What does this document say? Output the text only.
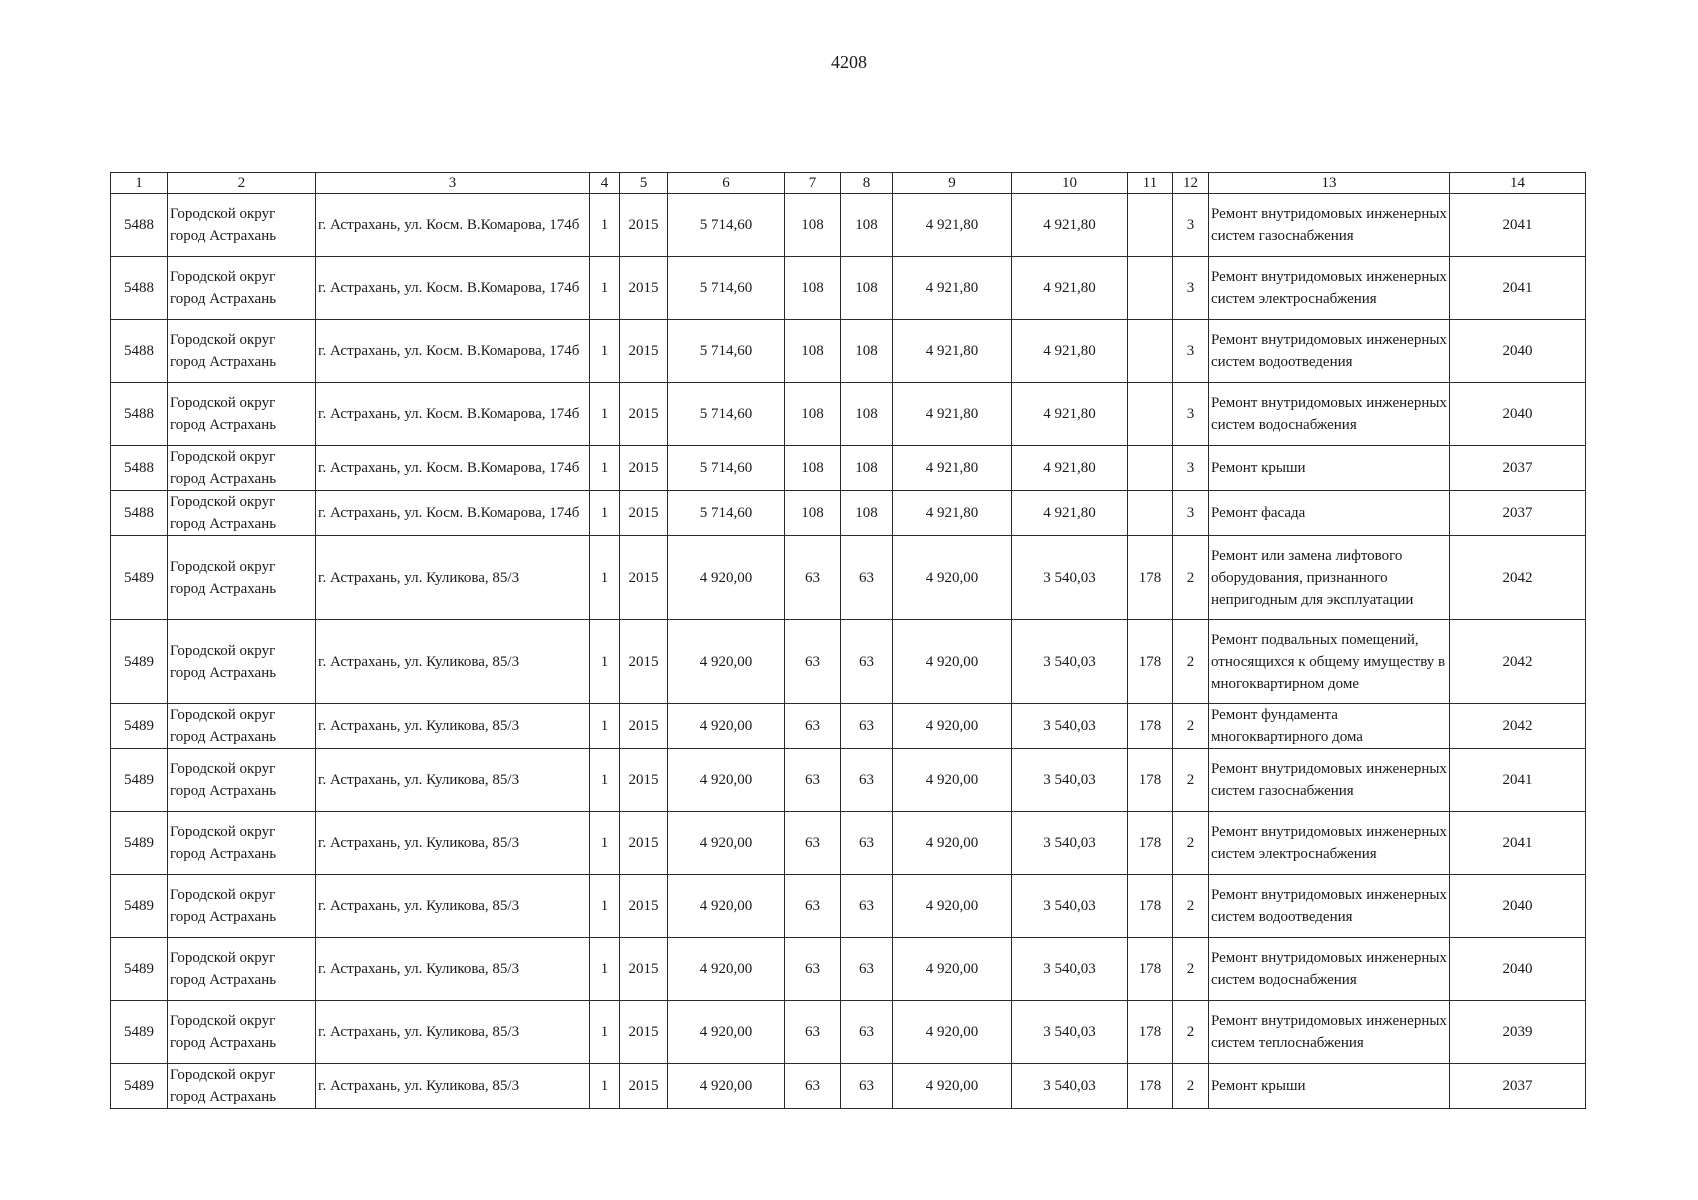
4208
1	2	3	4	5	6	7	8	9	10	11	12	13	14
5488	Городской округ город Астрахань	г. Астрахань, ул. Косм. В.Комарова, 174б	1	2015	5 714,60	108	108	4 921,80	4 921,80		3	Ремонт внутридомовых инженерных систем газоснабжения	2041
5488	Городской округ город Астрахань	г. Астрахань, ул. Косм. В.Комарова, 174б	1	2015	5 714,60	108	108	4 921,80	4 921,80		3	Ремонт внутридомовых инженерных систем электроснабжения	2041
5488	Городской округ город Астрахань	г. Астрахань, ул. Косм. В.Комарова, 174б	1	2015	5 714,60	108	108	4 921,80	4 921,80		3	Ремонт внутридомовых инженерных систем водоотведения	2040
5488	Городской округ город Астрахань	г. Астрахань, ул. Косм. В.Комарова, 174б	1	2015	5 714,60	108	108	4 921,80	4 921,80		3	Ремонт внутридомовых инженерных систем водоснабжения	2040
5488	Городской округ город Астрахань	г. Астрахань, ул. Косм. В.Комарова, 174б	1	2015	5 714,60	108	108	4 921,80	4 921,80		3	Ремонт крыши	2037
5488	Городской округ город Астрахань	г. Астрахань, ул. Косм. В.Комарова, 174б	1	2015	5 714,60	108	108	4 921,80	4 921,80		3	Ремонт фасада	2037
5489	Городской округ город Астрахань	г. Астрахань, ул. Куликова, 85/3	1	2015	4 920,00	63	63	4 920,00	3 540,03	178	2	Ремонт или замена лифтового оборудования, признанного непригодным для эксплуатации	2042
5489	Городской округ город Астрахань	г. Астрахань, ул. Куликова, 85/3	1	2015	4 920,00	63	63	4 920,00	3 540,03	178	2	Ремонт подвальных помещений, относящихся к общему имуществу в многоквартирном доме	2042
5489	Городской округ город Астрахань	г. Астрахань, ул. Куликова, 85/3	1	2015	4 920,00	63	63	4 920,00	3 540,03	178	2	Ремонт фундамента многоквартирного дома	2042
5489	Городской округ город Астрахань	г. Астрахань, ул. Куликова, 85/3	1	2015	4 920,00	63	63	4 920,00	3 540,03	178	2	Ремонт внутридомовых инженерных систем газоснабжения	2041
5489	Городской округ город Астрахань	г. Астрахань, ул. Куликова, 85/3	1	2015	4 920,00	63	63	4 920,00	3 540,03	178	2	Ремонт внутридомовых инженерных систем электроснабжения	2041
5489	Городской округ город Астрахань	г. Астрахань, ул. Куликова, 85/3	1	2015	4 920,00	63	63	4 920,00	3 540,03	178	2	Ремонт внутридомовых инженерных систем водоотведения	2040
5489	Городской округ город Астрахань	г. Астрахань, ул. Куликова, 85/3	1	2015	4 920,00	63	63	4 920,00	3 540,03	178	2	Ремонт внутридомовых инженерных систем водоснабжения	2040
5489	Городской округ город Астрахань	г. Астрахань, ул. Куликова, 85/3	1	2015	4 920,00	63	63	4 920,00	3 540,03	178	2	Ремонт внутридомовых инженерных систем теплоснабжения	2039
5489	Городской округ город Астрахань	г. Астрахань, ул. Куликова, 85/3	1	2015	4 920,00	63	63	4 920,00	3 540,03	178	2	Ремонт крыши	2037
